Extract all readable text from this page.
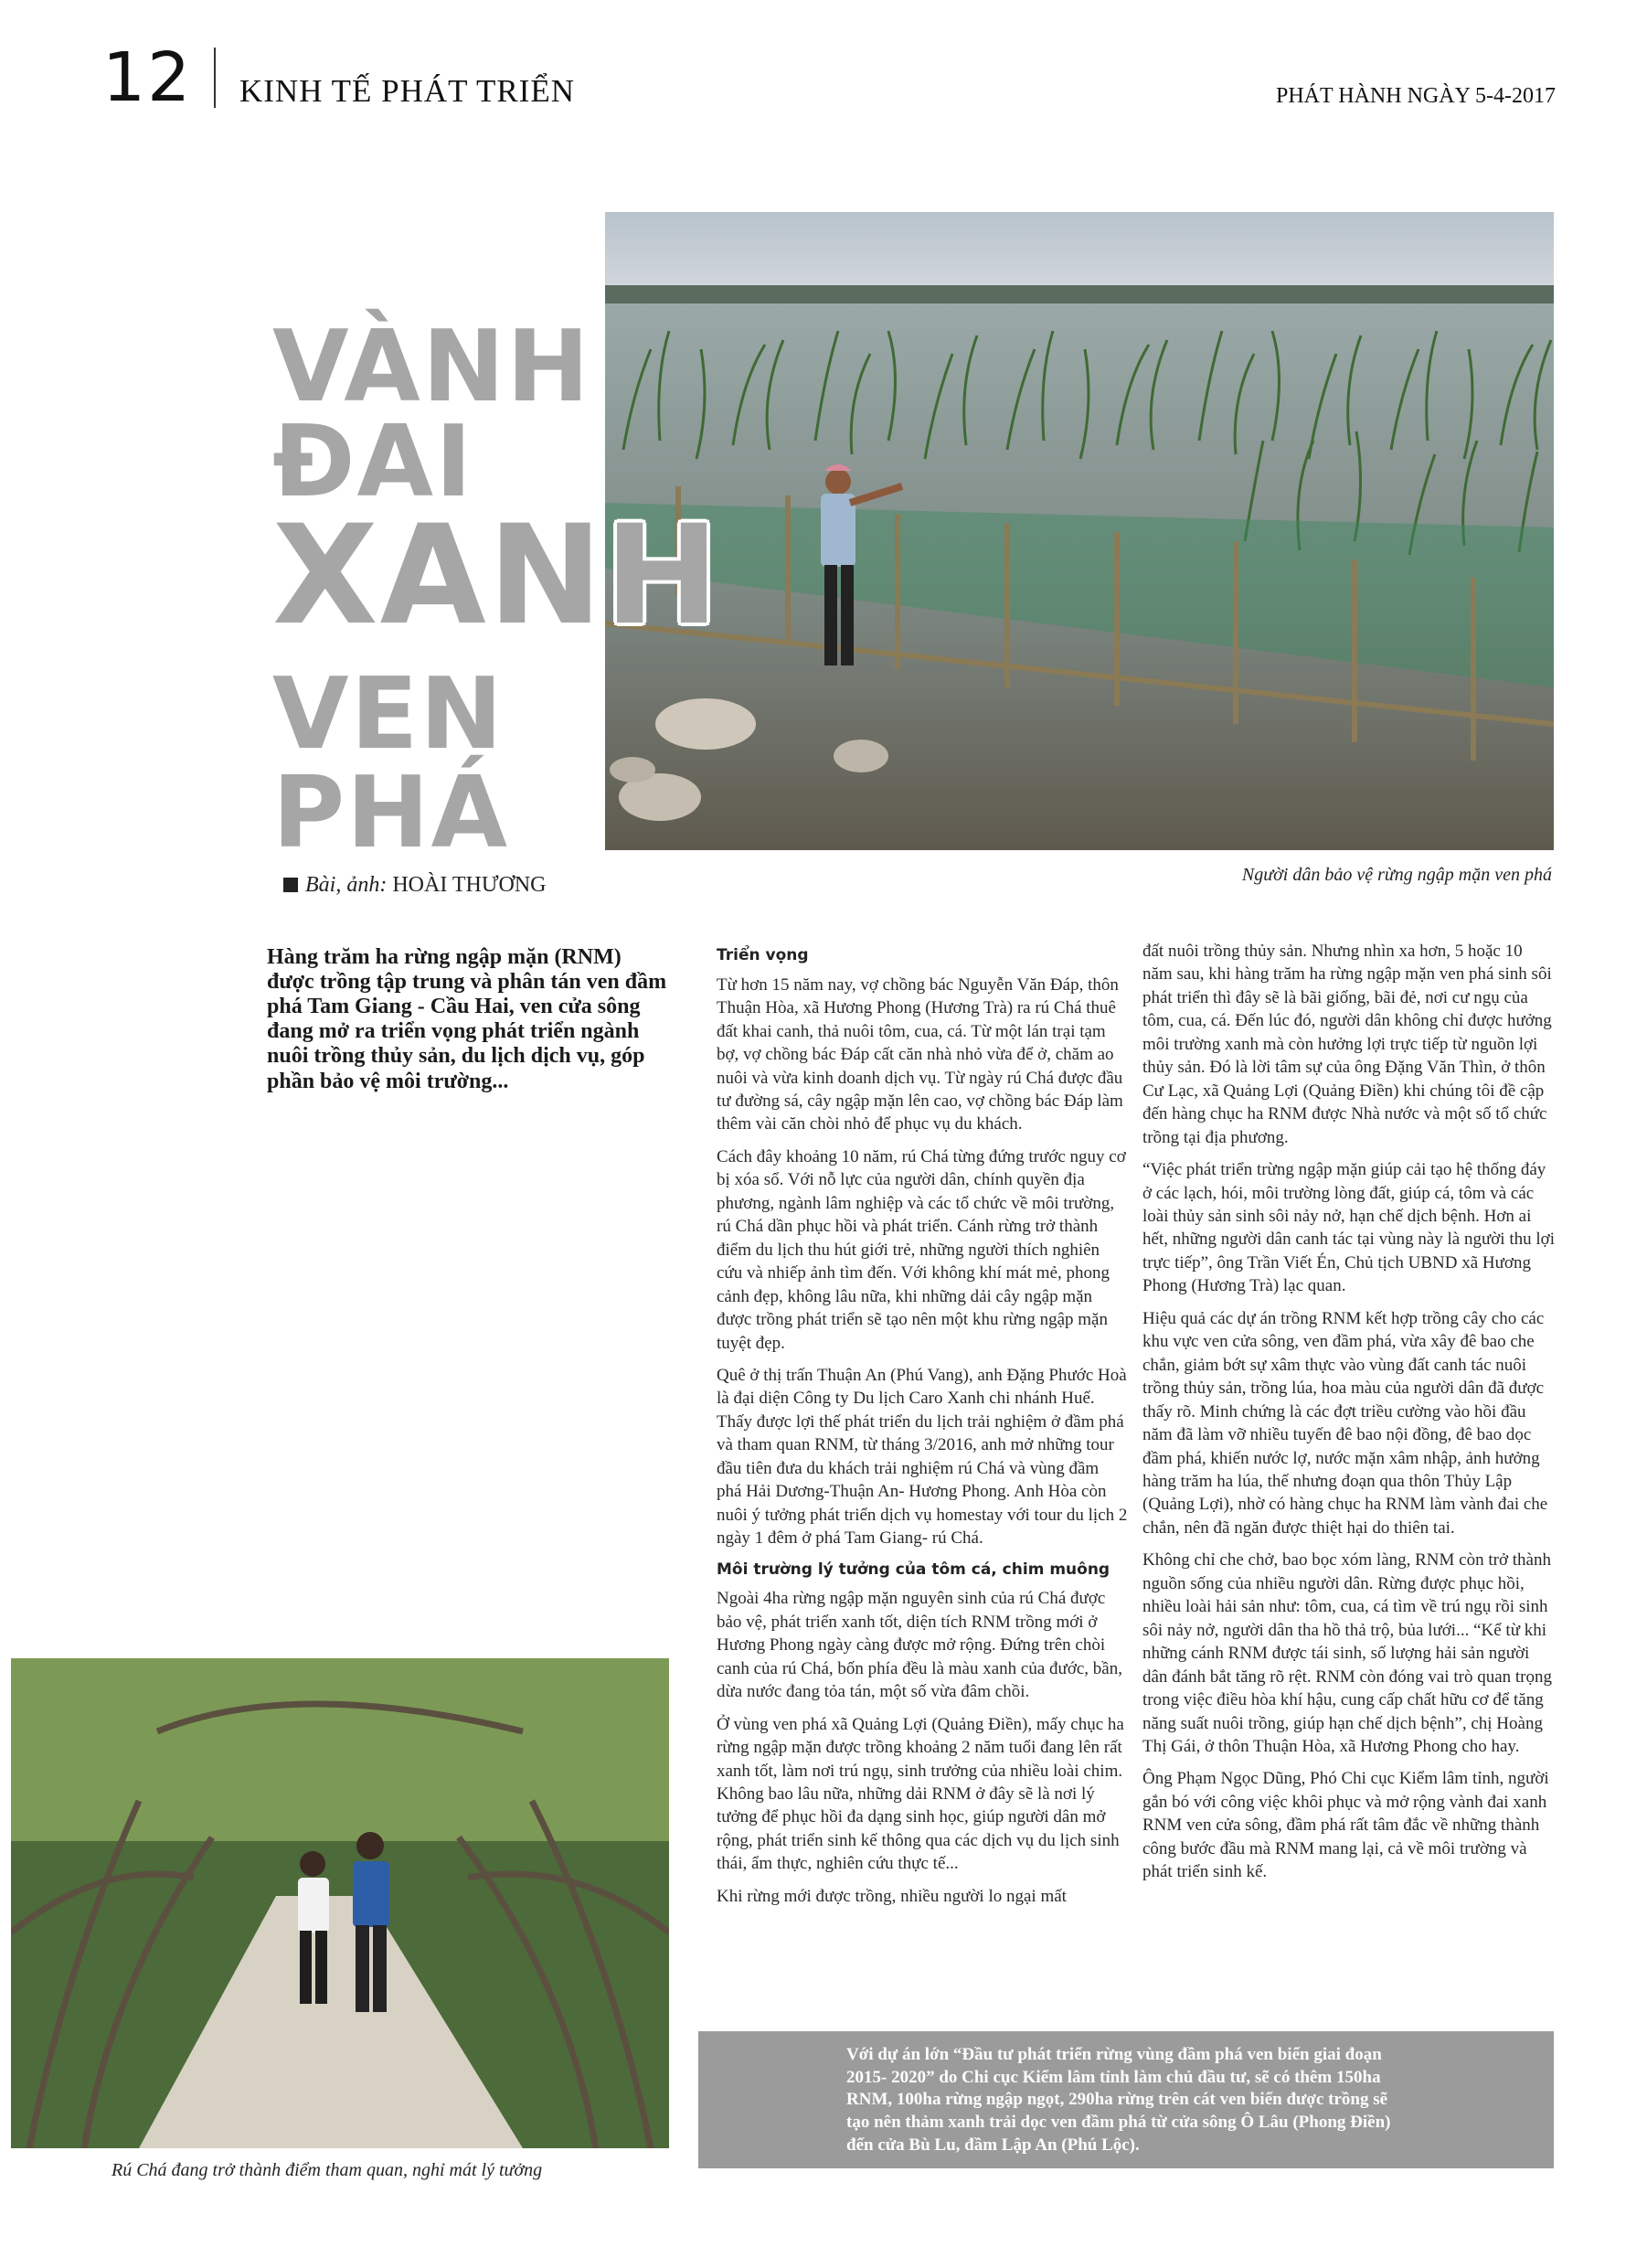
12 KINH TẾ PHÁT TRIỂN	PHÁT HÀNH NGÀY 5-4-2017
VÀNH
ĐAI
XANH
VEN
PHÁ
Người dân bảo vệ rừng ngập mặn ven phá
Bài, ảnh: HOÀI THƯƠNG
Hàng trăm ha rừng ngập mặn (RNM) được trồng tập trung và phân tán ven đầm phá Tam Giang - Cầu Hai, ven cửa sông đang mở ra triển vọng phát triển ngành nuôi trồng thủy sản, du lịch dịch vụ, góp phần bảo vệ môi trường...
Triển vọng

Từ hơn 15 năm nay, vợ chồng bác Nguyễn Văn Đáp, thôn Thuận Hòa, xã Hương Phong (Hương Trà) ra rú Chá thuê đất khai canh, thả nuôi tôm, cua, cá. Từ một lán trại tạm bợ, vợ chồng bác Đáp cất căn nhà nhỏ vừa để ở, chăm ao nuôi và vừa kinh doanh dịch vụ. Từ ngày rú Chá được đầu tư đường sá, cây ngập mặn lên cao, vợ chồng bác Đáp làm thêm vài căn chòi nhỏ để phục vụ du khách.

Cách đây khoảng 10 năm, rú Chá từng đứng trước nguy cơ bị xóa sổ. Với nỗ lực của người dân, chính quyền địa phương, ngành lâm nghiệp và các tổ chức về môi trường, rú Chá dần phục hồi và phát triển. Cánh rừng trở thành điểm du lịch thu hút giới trẻ, những người thích nghiên cứu và nhiếp ảnh tìm đến. Với không khí mát mẻ, phong cảnh đẹp, không lâu nữa, khi những dải cây ngập mặn được trồng phát triển sẽ tạo nên một khu rừng ngập mặn tuyệt đẹp.

Quê ở thị trấn Thuận An (Phú Vang), anh Đặng Phước Hoà là đại diện Công ty Du lịch Caro Xanh chi nhánh Huế. Thấy được lợi thế phát triển du lịch trải nghiệm ở đầm phá và tham quan RNM, từ tháng 3/2016, anh mở những tour đầu tiên đưa du khách trải nghiệm rú Chá và vùng đầm phá Hải Dương-Thuận An- Hương Phong. Anh Hòa còn nuôi ý tưởng phát triển dịch vụ homestay với tour du lịch 2 ngày 1 đêm ở phá Tam Giang- rú Chá.

Môi trường lý tưởng của tôm cá, chim muông

Ngoài 4ha rừng ngập mặn nguyên sinh của rú Chá được bảo vệ, phát triển xanh tốt, diện tích RNM trồng mới ở Hương Phong ngày càng được mở rộng. Đứng trên chòi canh của rú Chá, bốn phía đều là màu xanh của đước, bần, dừa nước đang tỏa tán, một số vừa đâm chồi.

Ở vùng ven phá xã Quảng Lợi (Quảng Điền), mấy chục ha rừng ngập mặn được trồng khoảng 2 năm tuổi đang lên rất xanh tốt, làm nơi trú ngụ, sinh trưởng của nhiều loài chim. Không bao lâu nữa, những dải RNM ở đây sẽ là nơi lý tưởng để phục hồi đa dạng sinh học, giúp người dân mở rộng, phát triển sinh kế thông qua các dịch vụ du lịch sinh thái, ẩm thực, nghiên cứu thực tế...

Khi rừng mới được trồng, nhiều người lo ngại mất

đất nuôi trồng thủy sản. Nhưng nhìn xa hơn, 5 hoặc 10 năm sau, khi hàng trăm ha rừng ngập mặn ven phá sinh sôi phát triển thì đây sẽ là bãi giống, bãi đẻ, nơi cư ngụ của tôm, cua, cá. Đến lúc đó, người dân không chỉ được hưởng môi trường xanh mà còn hưởng lợi trực tiếp từ nguồn lợi thủy sản. Đó là lời tâm sự của ông Đặng Văn Thìn, ở thôn Cư Lạc, xã Quảng Lợi (Quảng Điền) khi chúng tôi đề cập đến hàng chục ha RNM được Nhà nước và một số tổ chức trồng tại địa phương.

“Việc phát triển trừng ngập mặn giúp cải tạo hệ thống đáy ở các lạch, hói, môi trường lòng đất, giúp cá, tôm và các loài thủy sản sinh sôi nảy nở, hạn chế dịch bệnh. Hơn ai hết, những người dân canh tác tại vùng này là người thu lợi trực tiếp”, ông Trần Viết Én, Chủ tịch UBND xã Hương Phong (Hương Trà) lạc quan.

Hiệu quả các dự án trồng RNM kết hợp trồng cây cho các khu vực ven cửa sông, ven đầm phá, vừa xây đê bao che chắn, giảm bớt sự xâm thực vào vùng đất canh tác nuôi trồng thủy sản, trồng lúa, hoa màu của người dân đã được thấy rõ. Minh chứng là các đợt triều cường vào hồi đầu năm đã làm vỡ nhiều tuyến đê bao nội đồng, đê bao dọc đầm phá, khiến nước lợ, nước mặn xâm nhập, ảnh hưởng hàng trăm ha lúa, thế nhưng đoạn qua thôn Thủy Lập (Quảng Lợi), nhờ có hàng chục ha RNM làm vành đai che chắn, nên đã ngăn được thiệt hại do thiên tai.

Không chỉ che chở, bao bọc xóm làng, RNM còn trở thành nguồn sống của nhiều người dân. Rừng được phục hồi, nhiều loài hải sản như: tôm, cua, cá tìm về trú ngụ rồi sinh sôi nảy nở, người dân tha hồ thả trộ, bủa lưới... “Kể từ khi những cánh RNM được tái sinh, số lượng hải sản người dân đánh bắt tăng rõ rệt. RNM còn đóng vai trò quan trọng trong việc điều hòa khí hậu, cung cấp chất hữu cơ để tăng năng suất nuôi trồng, giúp hạn chế dịch bệnh”, chị Hoàng Thị Gái, ở thôn Thuận Hòa, xã Hương Phong cho hay.

Ông Phạm Ngọc Dũng, Phó Chi cục Kiểm lâm tỉnh, người gắn bó với công việc khôi phục và mở rộng vành đai xanh RNM ven cửa sông, đầm phá rất tâm đắc về những thành công bước đầu mà RNM mang lại, cả về môi trường và phát triển sinh kế.

Rú Chá đang trở thành điểm tham quan, nghỉ mát lý tưởng
Với dự án lớn “Đầu tư phát triển rừng vùng đầm phá ven biển giai đoạn 2015- 2020” do Chi cục Kiểm lâm tỉnh làm chủ đầu tư, sẽ có thêm 150ha RNM, 100ha rừng ngập ngọt, 290ha rừng trên cát ven biển được trồng sẽ tạo nên thảm xanh trải dọc ven đầm phá từ cửa sông Ô Lâu (Phong Điền) đến cửa Bù Lu, đầm Lập An (Phú Lộc).
